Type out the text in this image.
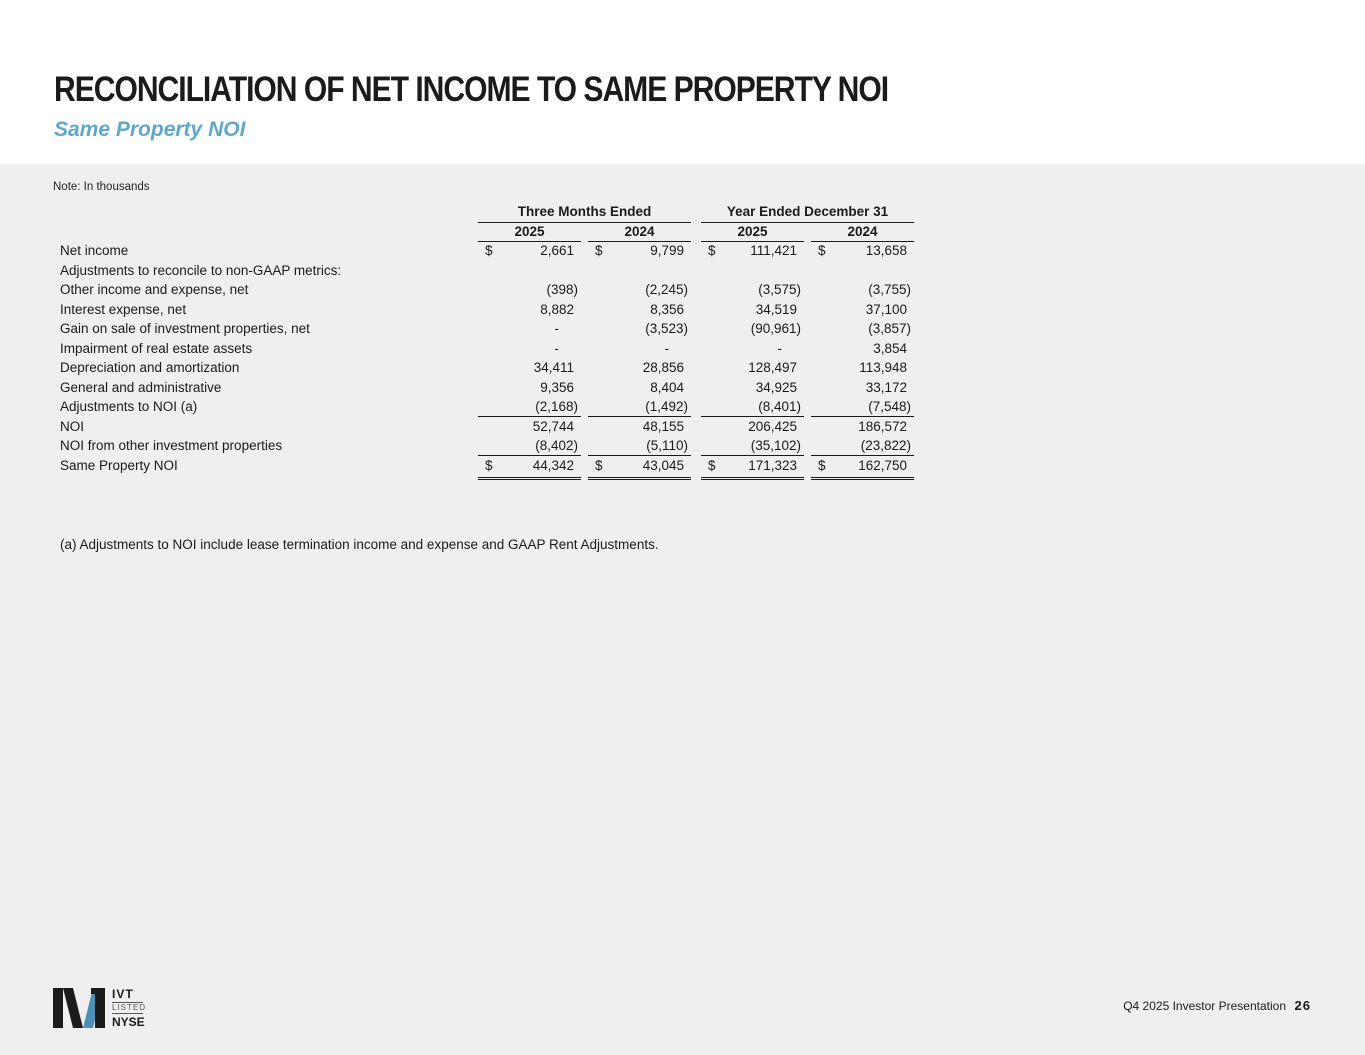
RECONCILIATION OF NET INCOME TO SAME PROPERTY NOI
Same Property NOI
Note: In thousands
Three Months Ended	Year Ended December 31
2025	2024	2025	2024
Net income	$	2,661 $	9,799 $	111,421 $	13,658
Adjustments to reconcile to non-GAAP metrics:
Other income and expense, net	(398)	(2,245)	(3,575)	(3,755)
Interest expense, net	8,882	8,356	34,519	37,100
Gain on sale of investment properties, net	-	(3,523)	(90,961)	(3,857)
Impairment of real estate assets	-	-	-	3,854
Depreciation and amortization	34,411	28,856	128,497	113,948
General and administrative	9,356	8,404	34,925	33,172
Adjustments to NOI (a)	(2,168)	(1,492)	(8,401)	(7,548)
NOI	52,744	48,155	206,425	186,572
NOI from other investment properties	(8,402)	(5,110)	(35,102)	(23,822)
Same Property NOI	$	44,342 $	43,045 $ 171,323 $ 162,750
(a) Adjustments to NOI include lease termination income and expense and GAAP Rent Adjustments.
IVT
LISTED
NYSE
Q4 2025 Investor Presentation 26
